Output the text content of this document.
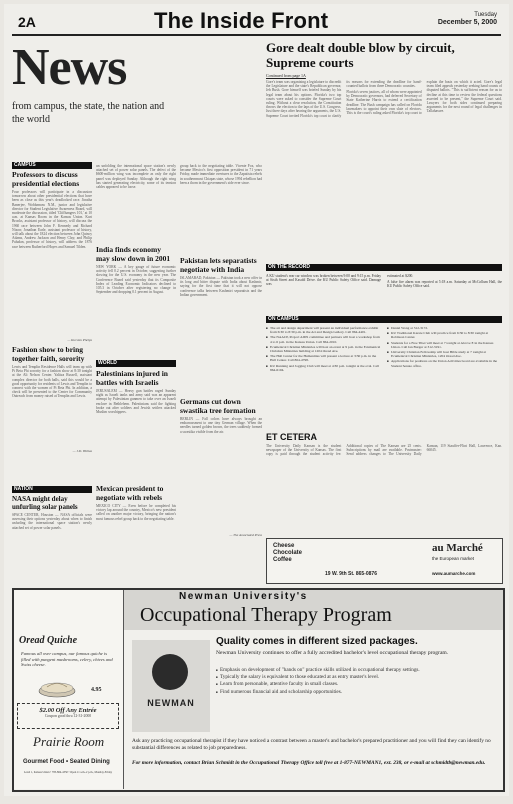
2A	The Inside Front	Tuesday
December 5, 2000
News
from campus, the state, the nation and the world
Gore dealt double blow by circuit, Supreme courts
Continued from page 1A

Gore's team was organizing a legislature to discredit the Legislature and the state's Republican governor, Jeb Bush. Gore himself was briefed Sunday by his legal team about his options. Florida's two top courts were asked to consider the Supreme Court ruling. Without a clear resolution, the Constitution throws the election to the laps of the U.S. Congress. Just three days after hearing the arguments, the U.S. Supreme Court invited Florida's top court to clarify its reasons for extending the deadline for hand-counted ballots from three Democratic counties.

Florida's seven justices, all of whom were appointed by Democratic governors, had deferred Secretary of State Katherine Harris to extend a certification deadline. The Bush campaign has called on Florida lawmakers to appoint their own slate of electors. This is the court's ruling asked Florida's top court to explain the basis on which it acted. Gore's legal team filed appeals yesterday seeking hand counts of disputed ballots. "This is sufficient reason for us to decline at this time to review the federal questions asserted to be present," the Supreme Court said. Lawyers for both sides continued preparing arguments for the next round of legal challenges in Tallahassee.

CAMPUS
Professors to discuss presidential elections
Four professors will participate in a discussion tomorrow about other presidential elections that have been as close as this year's deadlocked race. Jinatha Banerjee, Wobbzmaw N.M., junior and legislative director for Student Legislative Awareness Board, will moderate the discussion, titled 'Cliffhangers 101,' at 10 a.m. at Kansas Room in the Kansas Union. Kurt Brooks, assistant professor of history, will discuss the 1960 race between John F. Kennedy and Richard Nixon; Jonathan Earle, assistant professor of history, will talk about the 1824 election between John Quincy Adams, Andrew Jackson and Henry Clay; and Philip Paludan, professor of history, will address the 1876 race between Rutherford Hayes and Samuel Tilden.
— Kursten Phelps
Fashion show to bring together faith, sorority
Lewis and Templin Residence Halls will team up with Pi Beta Phi sorority for a fashion show at 8:30 tonight at the Ali Nelson Center. Yalitza Russell, assistant complex director for both halls, said this would be a good opportunity for residents of Lewis and Templin to connect with the women of Pi Beta Phi. In addition, a check will be presented to the Center for Community Outreach from money raised at Templin and Lewis.
— J.D. Holtas
NATION
NASA might delay unfurling solar panels
SPACE CENTER, Houston — NASA officials were assessing their options yesterday about when to finish unfurling the international space station's newly attached set of power solar panels.

un unfolding the international space station's newly attached set of power solar panels. The defect of the $600-million wing was incomplete as only the right panel was deployed Sunday. Although the right wing has started generating electricity, some of its tension cables appeared to be loose.

India finds economy may slow down in 2001
NEW YORK — A key gauge of future economic activity fell 0.2 percent in October, suggesting further slowing for the U.S. economy in the new year. The Conference Board said yesterday that its Composite Index of Leading Economic Indicators declined to 105.3 in October after registering no change in September and dropping 0.1 percent in August.
WORLD
Palestinians injured in battles with Israelis
JERUSALEM — Heavy gun battles raged Sunday night as Israeli tanks and army said was an apparent attempt by Palestinian gunmen to take over an Israeli enclave in Bethlehem. Palestinians said the fighting broke out after soldiers and Jewish settlers attacked Muslim worshippers.
Mexican president to negotiate with rebels
MEXICO CITY — Even before he completed his victory lap around the country, Mexico's new president called on another major victory, bringing the nation's most famous rebel group back to the negotiating table.

group back to the negotiating table. Vicente Fox, who became Mexico's first opposition president in 71 years Friday, made immediate overtures to the Zapatista rebels in southernmost Chiapas state, whose 1994 rebellion had been a thorn in the government's side ever since.

Pakistan lets separatists negotiate with India
ISLAMABAD, Pakistan — Pakistan took a new offer in its long and bitter dispute with India about Kashmir, saying for the first time that it will not oppose conference talks between Kashmiri separatists and the Indian government.
Germans cut down swastika tree formation
BERLIN — Fall colors have always brought an embarrassment to one tiny German village. When the needles turned golden brown, the trees suddenly formed a swastika visible from the air.
— The Associated Press
ON THE RECORD

A KU student's rear car window was broken between 9:00 and 9:15 p.m. Friday at Sixth Street and Kasold Drive. the KU Public Safety Office said. Damage was

estimated at $200.

A false fire alarm was reported at 5:18 a.m. Saturday at McCollum Hall, the KU Public Safety Office said.

ON CAMPUS
■ The art and design department will present an individual performance exhibit from 6:30 to 8:30 p.m. in the Art and Design Gallery. Call 864-4401.
■ The NAACP, Project AIDS committee and partners will host a workshop from 4 to 6 p.m. in the Kansas Union. Call 864-2010.
■ Ecumenical Christian Ministries will host an event at 9 p.m. in the Ecumenical Christian Ministries building at 1204 Oread Ave.
■ The Hall Center for the Humanities will present a lecture at 3:30 p.m. in the Hall Center. Call 864-4798.
■ KU Running and Jogging Club will meet at 4:30 p.m. tonight at the oval. Call 864-6104.
■ Daniel Wong at 312-3172.
■ KU Traditional Karate Club will practice from 6:30 to 8:30 tonight at Robinson Center.
■ Students for a Free Tibet will meet at 7 tonight at Alcove E in the Kansas Union. Call Ian Burger at 312-3191.
■ University Christian Fellowship will host Bible study at 7 tonight at Ecumenical Christian Ministries, 1204 Oread Ave.
■ Applications for positions on the Union Activities board are available in the Student Senate office.
ET CETERA
The University Daily Kansan is the student newspaper of the University of Kansas. The first copy is paid through the student activity fee. Additional copies of The Kansan are 25 cents. Subscriptions by mail are available. Postmaster: Send address changes to The University Daily Kansan, 119 Stauffer-Flint Hall, Lawrence, Kan. 66045.
Cheese
Chocolate
Coffee
19 W. 9th St. 865-0876
au Marché
the European market
www.aumarche.com
Newman University's
Occupational Therapy Program
Oread Quiche
Famous all over campus, our famous quiche is filled with pungent mushrooms, celery, chives and Swiss cheese.
4.95
$2.00 Off Any Entrée
Coupon good thru 12-31-2000
Prairie Room
Gourmet Food • Seated Dining
Level 1, Kansas Union • 785-864-4350 • Open 11 a.m.-2 p.m., Monday-Friday
NEWMAN
Quality comes in different sized packages.
Newman University continues to offer a fully accredited bachelor's level occupational therapy program.
■ Emphasis on development of "hands on" practice skills utilized in occupational therapy settings.
■ Typically the salary is equivalent to those educated at as entry master's level.
■ Learn from personable, attentive faculty in small classes.
■ Find numerous financial aid and scholarship opportunities.
Ask any practicing occupational therapist if they have noticed a contrast between a master's and bachelor's prepared practitioner and you will find they can identify no substantial differences as related to job preparedness.
For more information, contact Brian Schmidt in the Occupational Therapy Office toll free at 1-877-NEWMAN1, ext. 238, or e-mail at schmidtb@newman.edu.
